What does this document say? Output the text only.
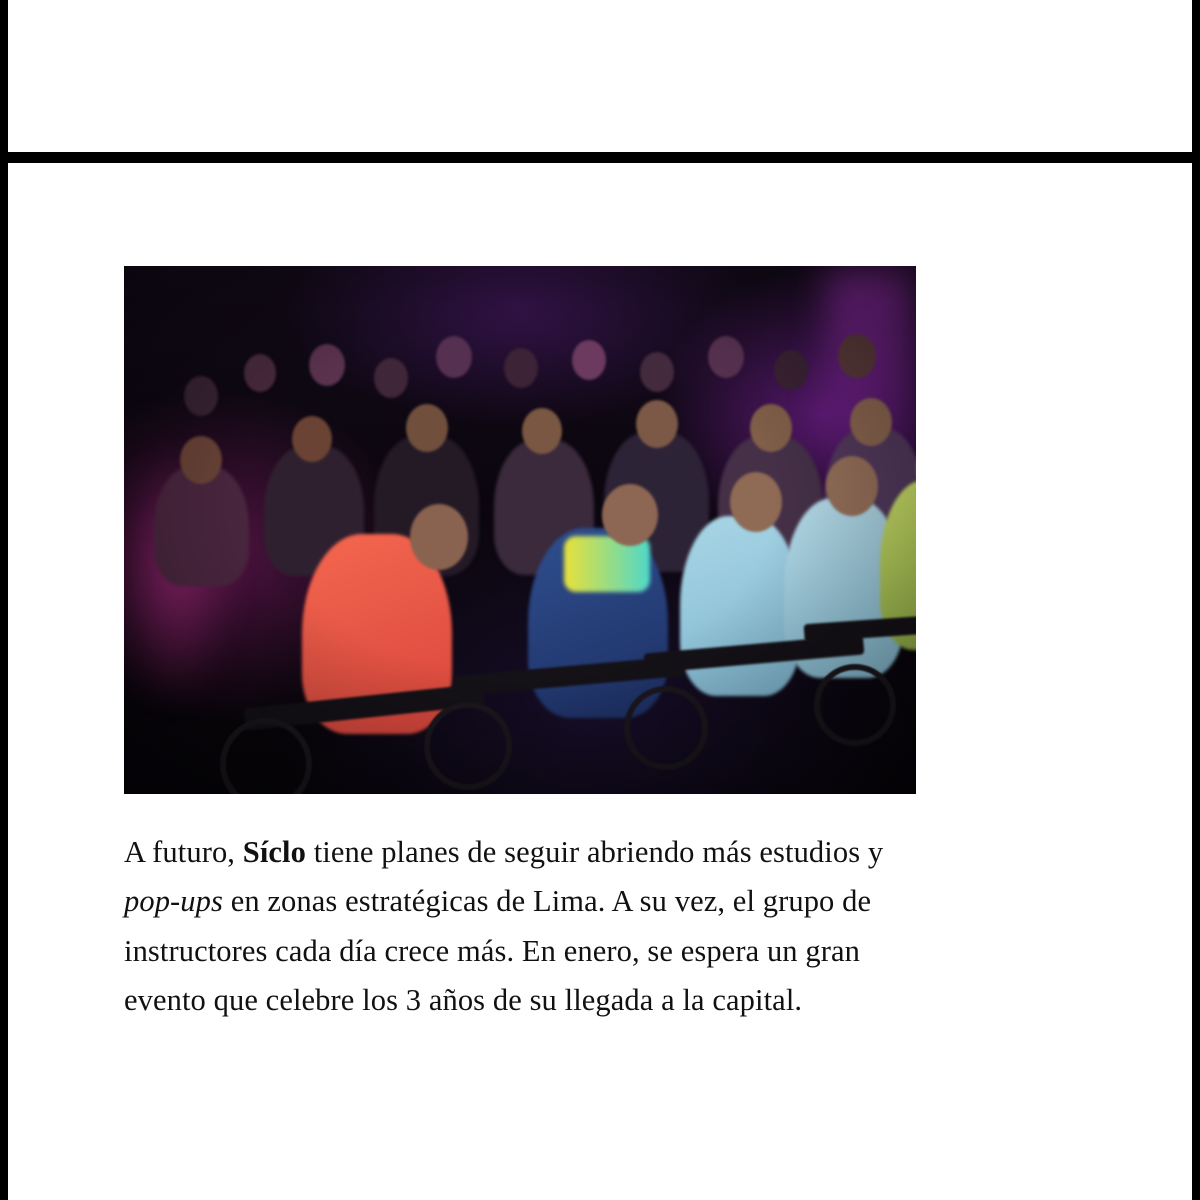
A futuro, Síclo tiene planes de seguir abriendo más estudios y pop-ups en zonas estratégicas de Lima. A su vez, el grupo de instructores cada día crece más. En enero, se espera un gran evento que celebre los 3 años de su llegada a la capital.
